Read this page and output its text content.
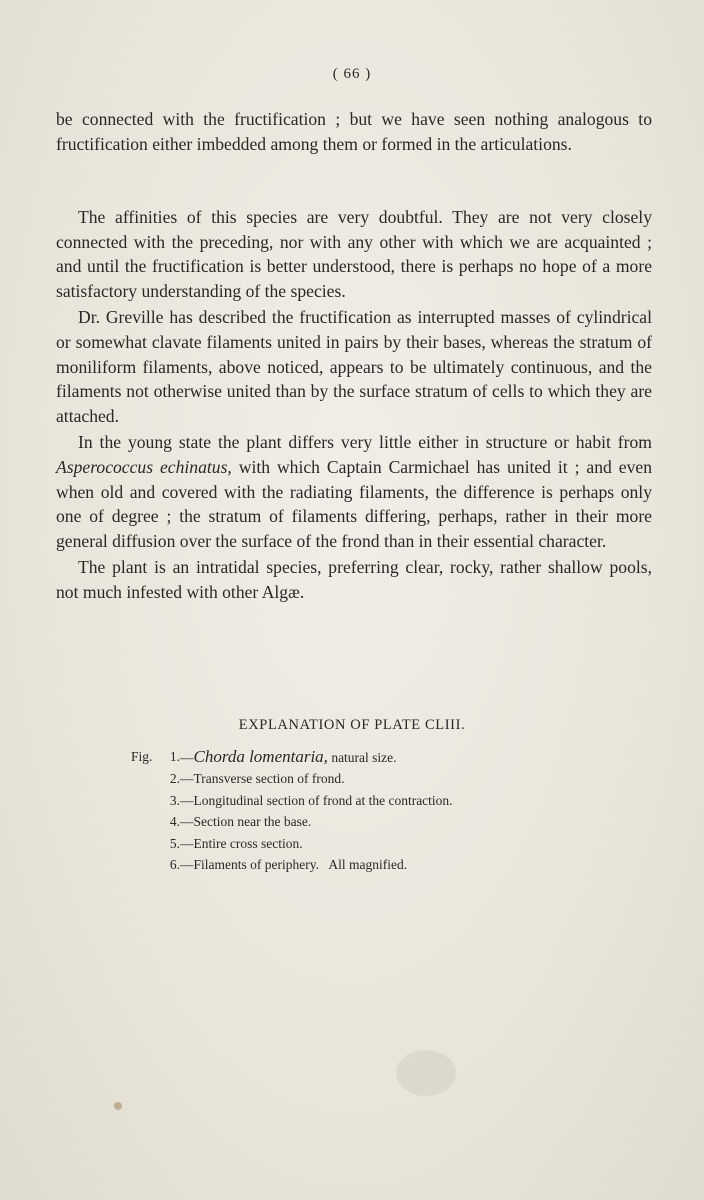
( 66 )

be connected with the fructification ; but we have seen nothing analogous to fructification either imbedded among them or formed in the articulations.

The affinities of this species are very doubtful. They are not very closely connected with the preceding, nor with any other with which we are acquainted ; and until the fructification is better understood, there is perhaps no hope of a more satisfactory understanding of the species.

Dr. Greville has described the fructification as interrupted masses of cylindrical or somewhat clavate filaments united in pairs by their bases, whereas the stratum of moniliform filaments, above noticed, appears to be ultimately continuous, and the filaments not otherwise united than by the surface stratum of cells to which they are attached.

In the young state the plant differs very little either in structure or habit from Asperococcus echinatus, with which Captain Carmichael has united it ; and even when old and covered with the radiating filaments, the difference is perhaps only one of degree ; the stratum of filaments differing, perhaps, rather in their more general diffusion over the surface of the frond than in their essential character.

The plant is an intratidal species, preferring clear, rocky, rather shallow pools, not much infested with other Algæ.

EXPLANATION OF PLATE CLIII.
Fig.	1. —Chorda lomentaria, natural size.
2. —Transverse section of frond.
3. —Longitudinal section of frond at the contraction.
4. —Section near the base.
5. —Entire cross section.
6. —Filaments of periphery.   All magnified.
